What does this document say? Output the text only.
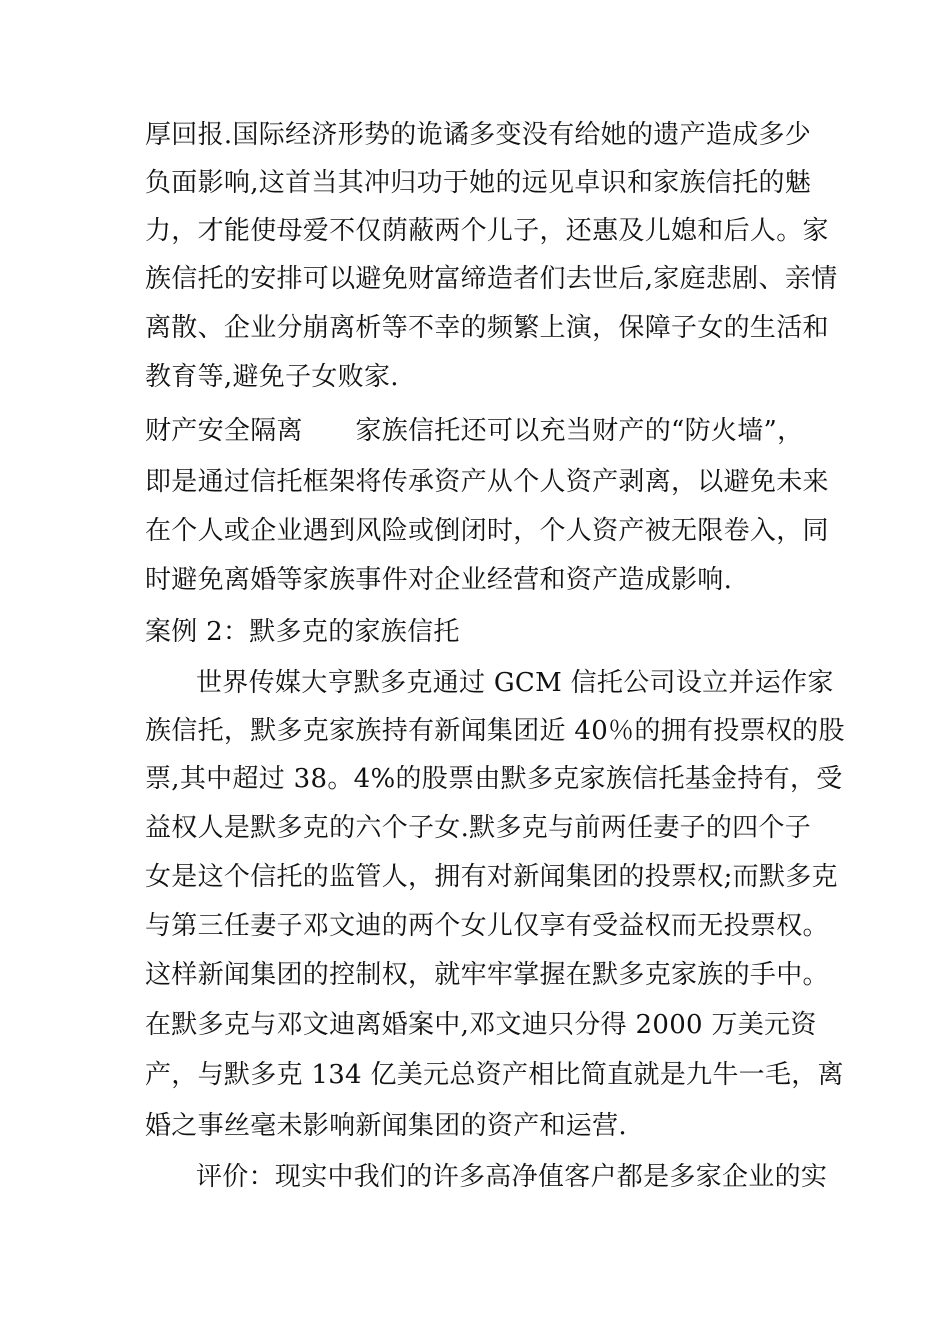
厚回报.国际经济形势的诡谲多变没有给她的遗产造成多少
负面影响,这首当其冲归功于她的远见卓识和家族信托的魅
力，才能使母爱不仅荫蔽两个儿子，还惠及儿媳和后人。家
族信托的安排可以避免财富缔造者们去世后,家庭悲剧、亲情
离散、企业分崩离析等不幸的频繁上演，保障子女的生活和
教育等,避免子女败家.
财产安全隔离　　家族信托还可以充当财产的“防火墙”，
即是通过信托框架将传承资产从个人资产剥离，以避免未来
在个人或企业遇到风险或倒闭时，个人资产被无限卷入，同
时避免离婚等家族事件对企业经营和资产造成影响.
案例 2：默多克的家族信托
世界传媒大亨默多克通过 GCM 信托公司设立并运作家
族信托，默多克家族持有新闻集团近 40％的拥有投票权的股
票,其中超过 38。4%的股票由默多克家族信托基金持有，受
益权人是默多克的六个子女.默多克与前两任妻子的四个子
女是这个信托的监管人，拥有对新闻集团的投票权;而默多克
与第三任妻子邓文迪的两个女儿仅享有受益权而无投票权。
这样新闻集团的控制权，就牢牢掌握在默多克家族的手中。
在默多克与邓文迪离婚案中,邓文迪只分得 2000 万美元资
产，与默多克 134 亿美元总资产相比简直就是九牛一毛，离
婚之事丝毫未影响新闻集团的资产和运营.
评价：现实中我们的许多高净值客户都是多家企业的实
